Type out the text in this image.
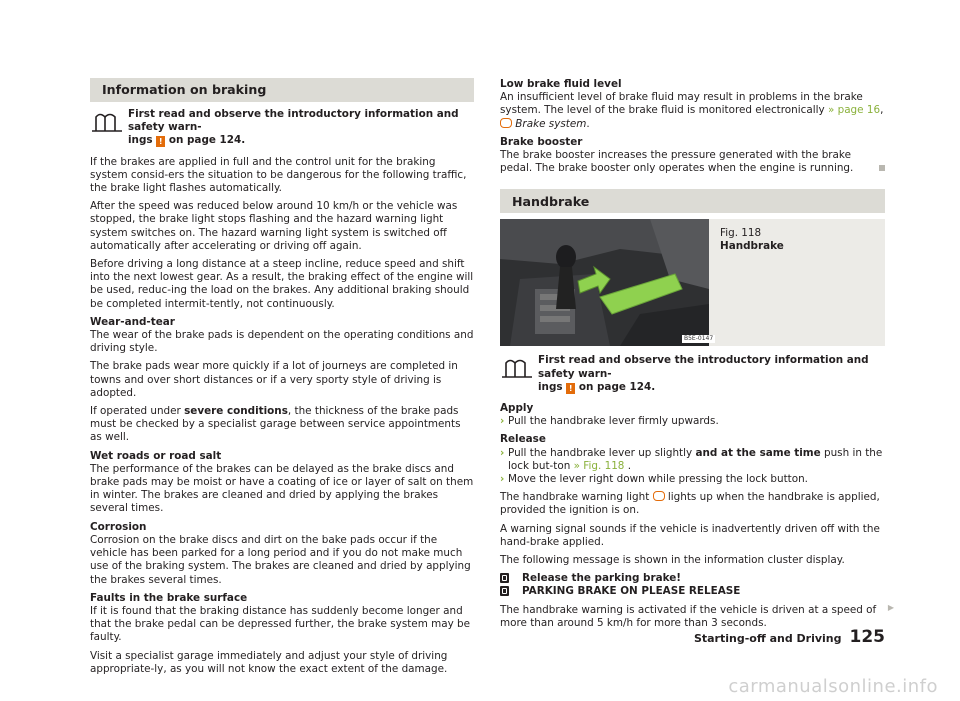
Information on braking
First read and observe the introductory information and safety warn-
ings ! on page 124.

If the brakes are applied in full and the control unit for the braking system consid-ers the situation to be dangerous for the following traffic, the brake light flashes automatically.

After the speed was reduced below around 10 km/h or the vehicle was stopped, the brake light stops flashing and the hazard warning light system switches on. The hazard warning light system is switched off automatically after accelerating or driving off again.

Before driving a long distance at a steep incline, reduce speed and shift into the next lowest gear. As a result, the braking effect of the engine will be used, reduc-ing the load on the brakes. Any additional braking should be completed intermit-tently, not continuously.

Wear-and-tear

The wear of the brake pads is dependent on the operating conditions and driving style.

The brake pads wear more quickly if a lot of journeys are completed in towns and over short distances or if a very sporty style of driving is adopted.

If operated under severe conditions, the thickness of the brake pads must be checked by a specialist garage between service appointments as well.

Wet roads or road salt

The performance of the brakes can be delayed as the brake discs and brake pads may be moist or have a coating of ice or layer of salt on them in winter. The brakes are cleaned and dried by applying the brakes several times.

Corrosion

Corrosion on the brake discs and dirt on the bake pads occur if the vehicle has been parked for a long period and if you do not make much use of the braking system. The brakes are cleaned and dried by applying the brakes several times.

Faults in the brake surface

If it is found that the braking distance has suddenly become longer and that the brake pedal can be depressed further, the brake system may be faulty.

Visit a specialist garage immediately and adjust your style of driving appropriate-ly, as you will not know the exact extent of the damage.

Low brake fluid level

An insufficient level of brake fluid may result in problems in the brake system. The level of the brake fluid is monitored electronically » page 16,  Brake system.

Brake booster

The brake booster increases the pressure generated with the brake pedal. The brake booster only operates when the engine is running.

Handbrake
B5E-0147
Fig. 118
Handbrake
First read and observe the introductory information and safety warn-
ings ! on page 124.
Apply

› Pull the handbrake lever firmly upwards.

Release
› Pull the handbrake lever up slightly and at the same time push in the lock but-ton » Fig. 118 .

› Move the lever right down while pressing the lock button.

The handbrake warning light  lights up when the handbrake is applied, provided the ignition is on.

A warning signal sounds if the vehicle is inadvertently driven off with the hand-brake applied.

The following message is shown in the information cluster display.

Release the parking brake!

PARKING BRAKE ON PLEASE RELEASE

The handbrake warning is activated if the vehicle is driven at a speed of more than around 5 km/h for more than 3 seconds.

▶
Starting-off and Driving 125
carmanualsonline.info
